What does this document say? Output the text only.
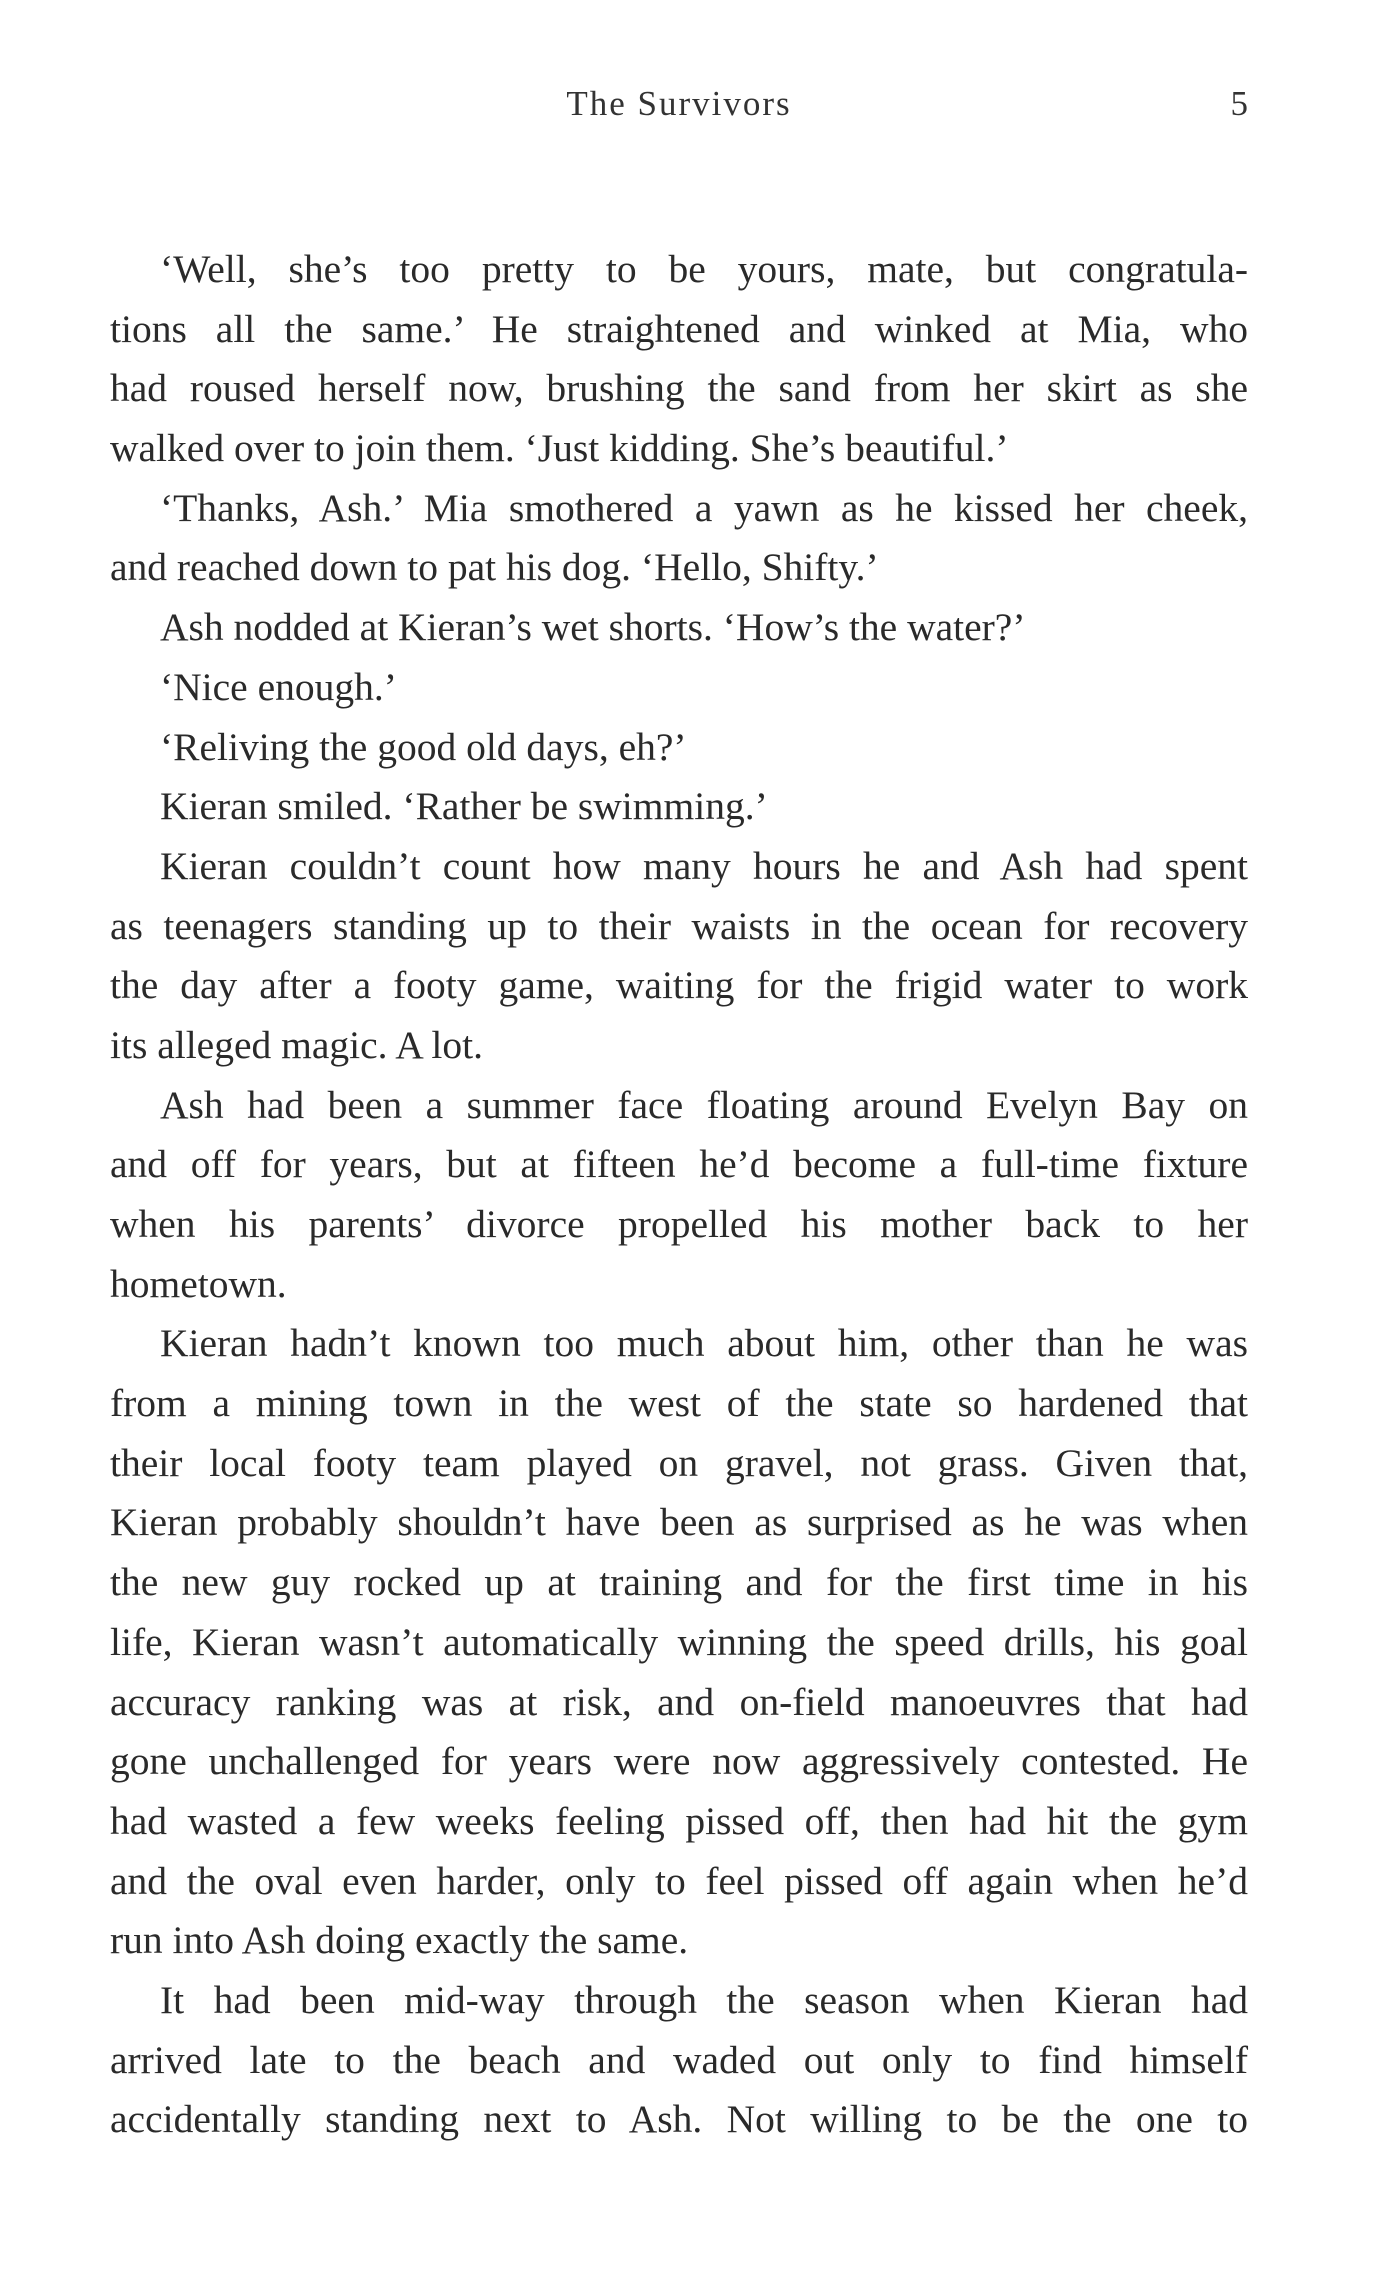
The Survivors	5
‘Well, she’s too pretty to be yours, mate, but congratula-
tions all the same.’ He straightened and winked at Mia, who
had roused herself now, brushing the sand from her skirt as she
walked over to join them. ‘Just kidding. She’s beautiful.’
‘Thanks, Ash.’ Mia smothered a yawn as he kissed her cheek,
and reached down to pat his dog. ‘Hello, Shifty.’
Ash nodded at Kieran’s wet shorts. ‘How’s the water?’
‘Nice enough.’
‘Reliving the good old days, eh?’
Kieran smiled. ‘Rather be swimming.’
Kieran couldn’t count how many hours he and Ash had spent
as teenagers standing up to their waists in the ocean for recovery
the day after a footy game, waiting for the frigid water to work
its alleged magic. A lot.
Ash had been a summer face floating around Evelyn Bay on
and off for years, but at fifteen he’d become a full-time fixture
when his parents’ divorce propelled his mother back to her
hometown.
Kieran hadn’t known too much about him, other than he was
from a mining town in the west of the state so hardened that
their local footy team played on gravel, not grass. Given that,
Kieran probably shouldn’t have been as surprised as he was when
the new guy rocked up at training and for the first time in his
life, Kieran wasn’t automatically winning the speed drills, his goal
accuracy ranking was at risk, and on-field manoeuvres that had
gone unchallenged for years were now aggressively contested. He
had wasted a few weeks feeling pissed off, then had hit the gym
and the oval even harder, only to feel pissed off again when he’d
run into Ash doing exactly the same.
It had been mid-way through the season when Kieran had
arrived late to the beach and waded out only to find himself
accidentally standing next to Ash. Not willing to be the one to
